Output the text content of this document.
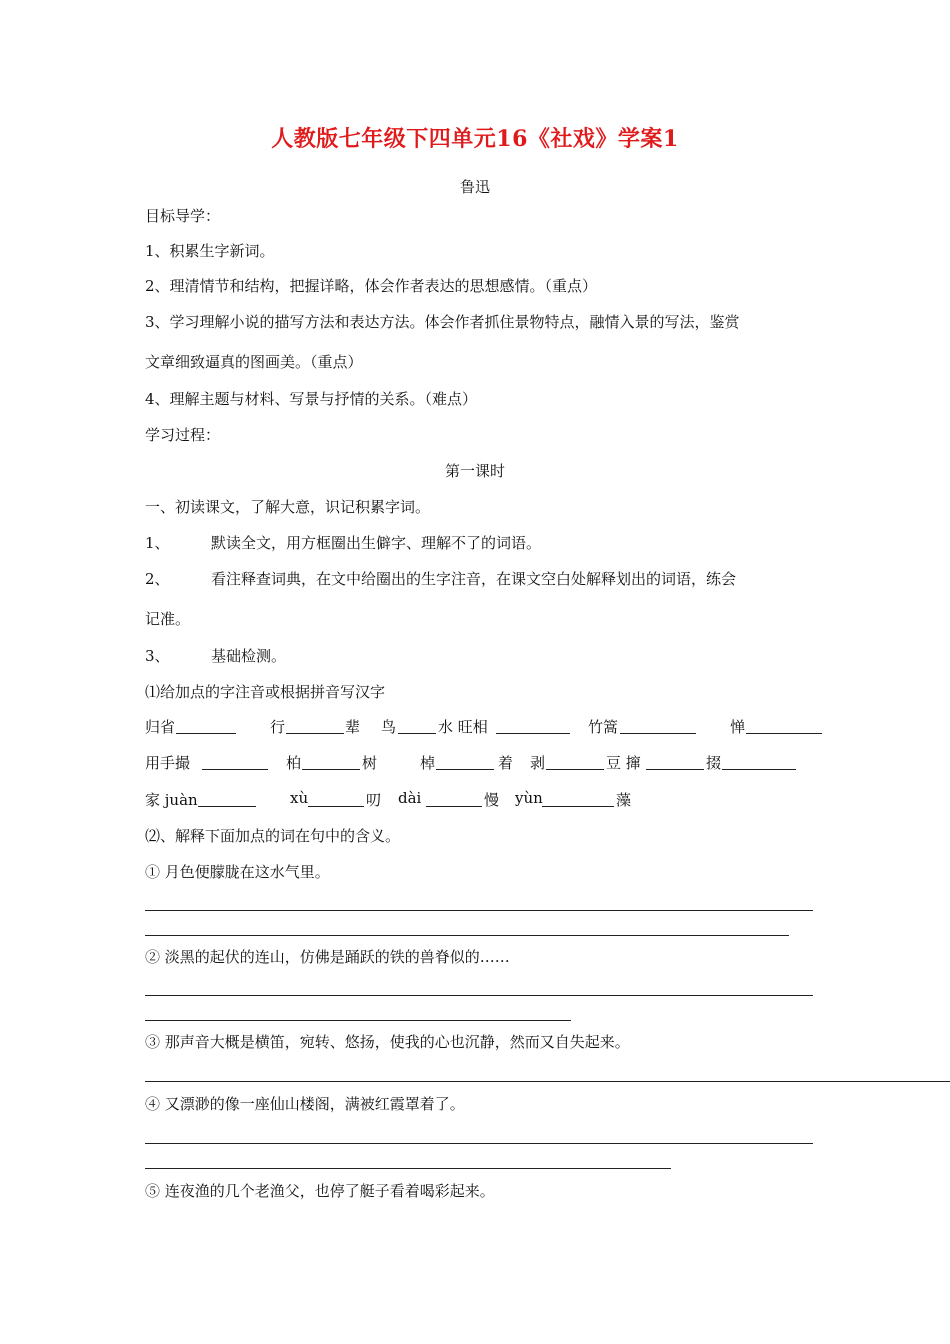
人教版七年级下四单元16《社戏》学案1
鲁迅
目标导学：
1、积累生字新词。
2、理清情节和结构，把握详略，体会作者表达的思想感情。（重点）
3、学习理解小说的描写方法和表达方法。体会作者抓住景物特点，融情入景的写法，鉴赏
文章细致逼真的图画美。（重点）
4、理解主题与材料、写景与抒情的关系。（难点）
学习过程：
第一课时
一、初读课文，了解大意，识记积累字词。
1、	默读全文，用方框圈出生僻字、理解不了的词语。
2、	看注释查词典，在文中给圈出的生字注音，在课文空白处解释划出的词语，练会
记准。
3、	基础检测。
⑴给加点的字注音或根据拼音写汉字
归省	行	辈 鸟	水 旺相	竹篙	惮
用手撮	柏	树	棹	着 剥	豆 撺	掇
家 juàn	xù	叨 dài	慢 yùn	藻
⑵、解释下面加点的词在句中的含义。
① 月色便朦胧在这水气里。
② 淡黑的起伏的连山，仿佛是踊跃的铁的兽脊似的……
③ 那声音大概是横笛，宛转、悠扬，使我的心也沉静，然而又自失起来。
④ 又漂渺的像一座仙山楼阁，满被红霞罩着了。
⑤ 连夜渔的几个老渔父，也停了艇子看着喝彩起来。
